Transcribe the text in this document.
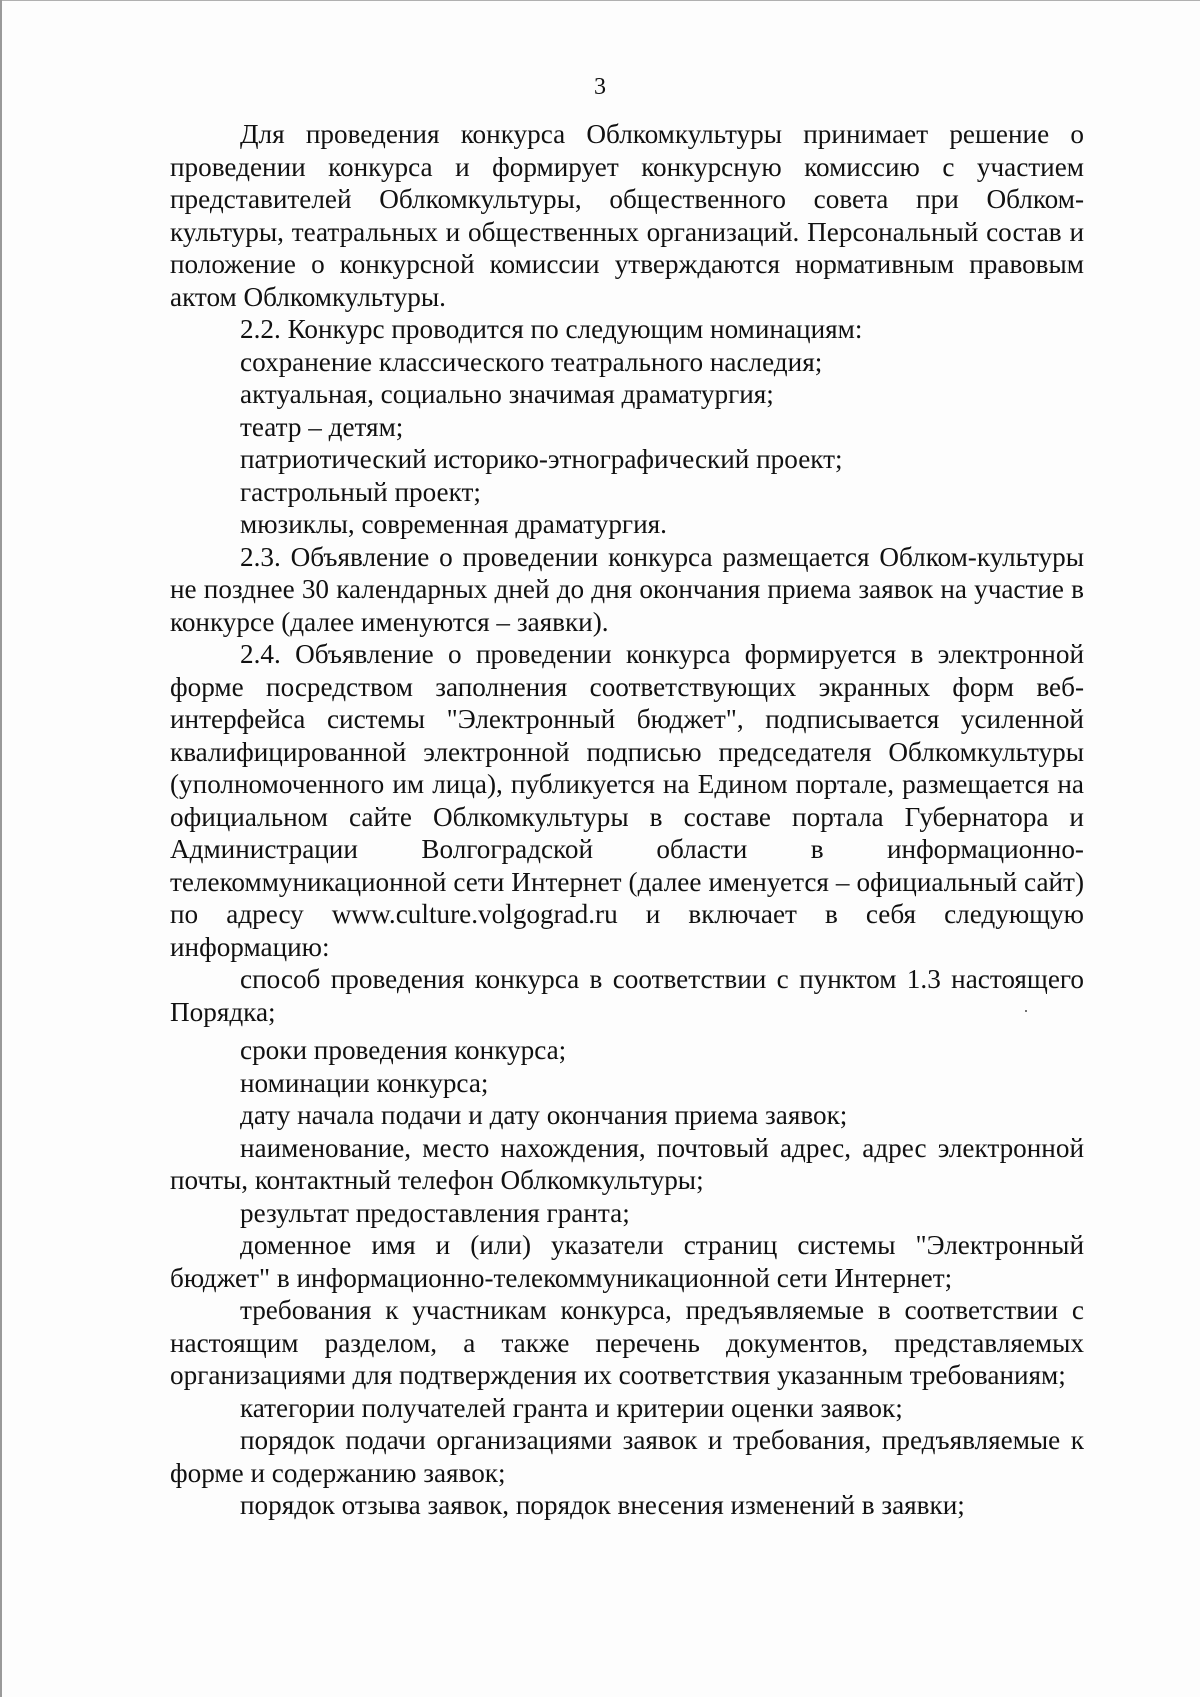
3

Для проведения конкурса Облкомкультуры принимает решение о проведении конкурса и формирует конкурсную комиссию с участием представителей Облкомкультуры, общественного совета при Облком-культуры, театральных и общественных организаций. Персональный состав и положение о конкурсной комиссии утверждаются нормативным правовым актом Облкомкультуры.

2.2. Конкурс проводится по следующим номинациям:

сохранение классического театрального наследия;

актуальная, социально значимая драматургия;

театр – детям;

патриотический историко-этнографический проект;

гастрольный проект;

мюзиклы, современная драматургия.

2.3. Объявление о проведении конкурса размещается Облком-культуры не позднее 30 календарных дней до дня окончания приема заявок на участие в конкурсе (далее именуются – заявки).

2.4. Объявление о проведении конкурса формируется в электронной форме посредством заполнения соответствующих экранных форм веб-интерфейса системы "Электронный бюджет", подписывается усиленной квалифицированной электронной подписью председателя Облкомкультуры (уполномоченного им лица), публикуется на Едином портале, размещается на официальном сайте Облкомкультуры в составе портала Губернатора и Администрации Волгоградской области в информационно-телекоммуникационной сети Интернет (далее именуется – официальный сайт) по адресу www.culture.volgograd.ru и включает в себя следующую информацию:

способ проведения конкурса в соответствии с пунктом 1.3 настоящего Порядка;

сроки проведения конкурса;

номинации конкурса;

дату начала подачи и дату окончания приема заявок;

наименование, место нахождения, почтовый адрес, адрес электронной почты, контактный телефон Облкомкультуры;

результат предоставления гранта;

доменное имя и (или) указатели страниц системы "Электронный бюджет" в информационно-телекоммуникационной сети Интернет;

требования к участникам конкурса, предъявляемые в соответствии с настоящим разделом, а также перечень документов, представляемых организациями для подтверждения их соответствия указанным требованиям;

категории получателей гранта и критерии оценки заявок;

порядок подачи организациями заявок и требования, предъявляемые к форме и содержанию заявок;

порядок отзыва заявок, порядок внесения изменений в заявки;
